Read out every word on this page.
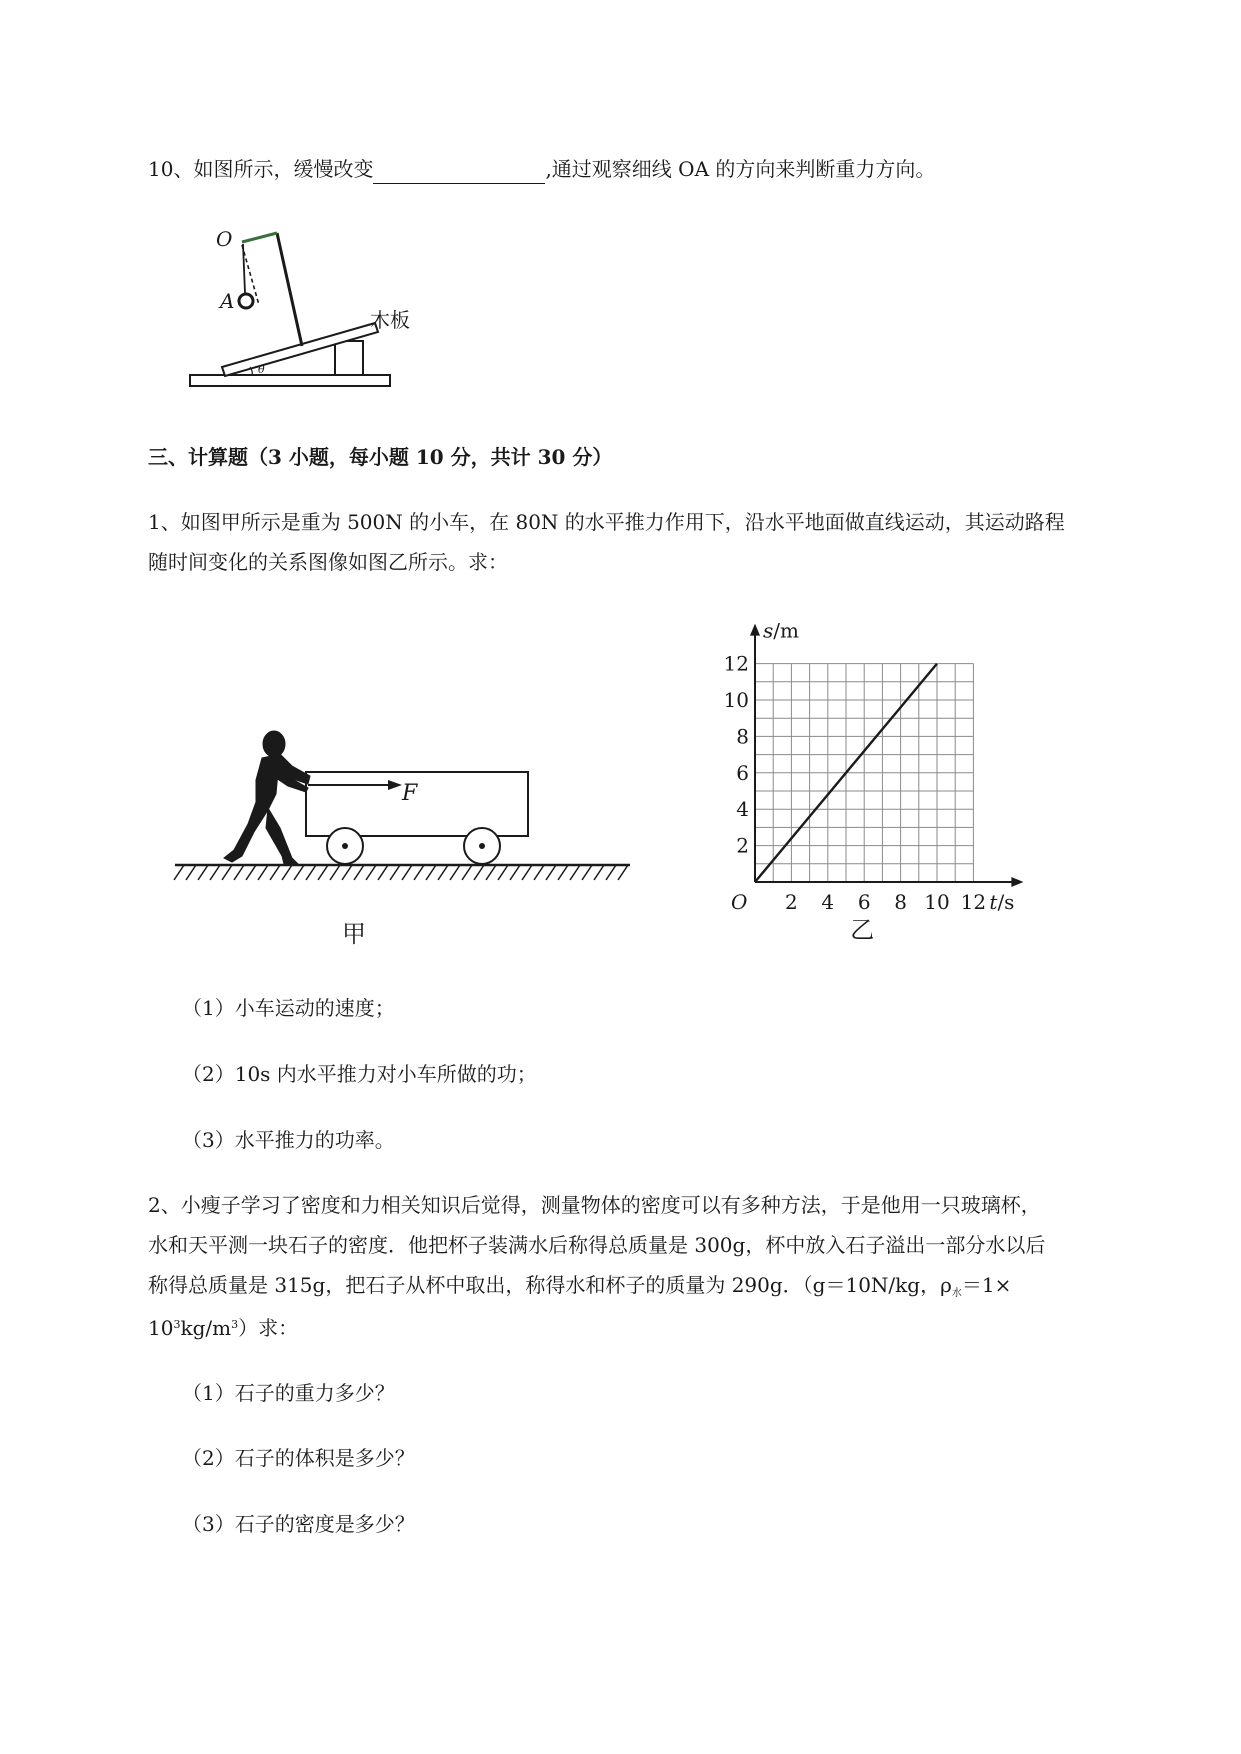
10、如图所示，缓慢改变	,通过观察细线 OA 的方向来判断重力方向。
θ
O
A
木板
三、计算题（3 小题，每小题 10 分，共计 30 分）
1、如图甲所示是重为 500N 的小车，在 80N 的水平推力作用下，沿水平地面做直线运动，其运动路程
随时间变化的关系图像如图乙所示。求：
F
甲
2
4
6
8
10
12
2 4 6 8 10 12
O
s/m
t/s
乙
（1）小车运动的速度；
（2）10s 内水平推力对小车所做的功；
（3）水平推力的功率。
2、小瘦子学习了密度和力相关知识后觉得，测量物体的密度可以有多种方法，于是他用一只玻璃杯，
水和天平测一块石子的密度．他把杯子装满水后称得总质量是 300g，杯中放入石子溢出一部分水以后
称得总质量是 315g，把石子从杯中取出，称得水和杯子的质量为 290g．（g＝10N/kg，$\rho_水=1\times$
$10^3kg/m^3$）求：
（1）石子的重力多少？
（2）石子的体积是多少？
（3）石子的密度是多少？
